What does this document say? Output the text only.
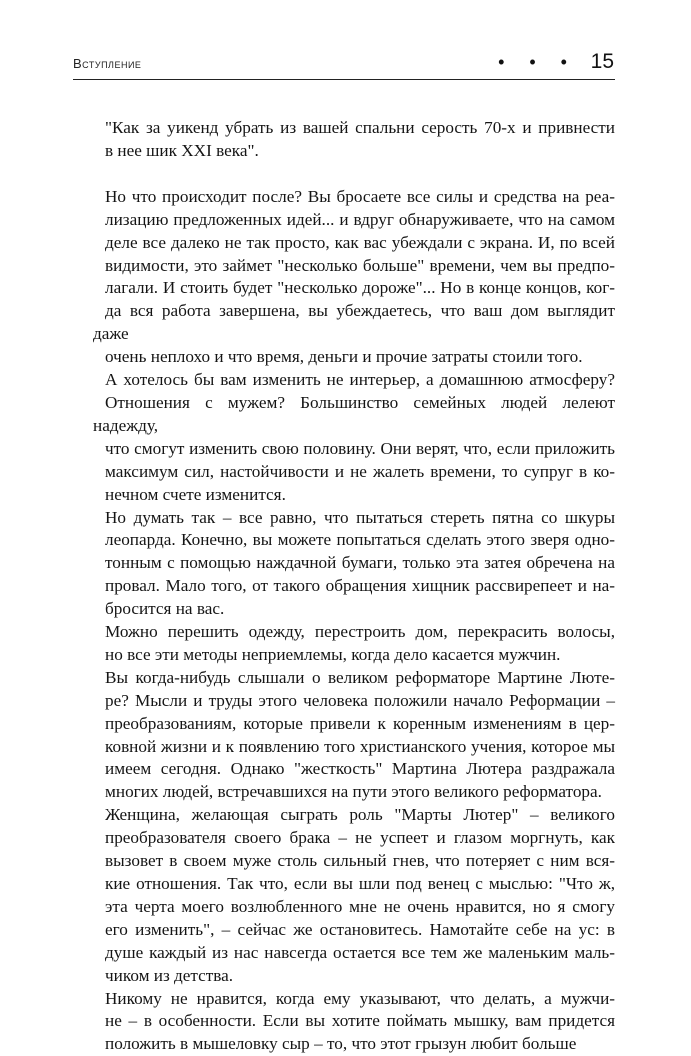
Вступление	• • • 15

"Как за уикенд убрать из вашей спальни серость 70-х и привнести
в нее шик XXI века".

Но что происходит после? Вы бросаете все силы и средства на реа-
лизацию предложенных идей... и вдруг обнаруживаете, что на самом
деле все далеко не так просто, как вас убеждали с экрана. И, по всей
видимости, это займет "несколько больше" времени, чем вы предпо-
лагали. И стоить будет "несколько дороже"... Но в конце концов, ког-
да вся работа завершена, вы убеждаетесь, что ваш дом выглядит даже
очень неплохо и что время, деньги и прочие затраты стоили того.

А хотелось бы вам изменить не интерьер, а домашнюю атмосферу?
Отношения с мужем? Большинство семейных людей лелеют надежду,
что смогут изменить свою половину. Они верят, что, если приложить
максимум сил, настойчивости и не жалеть времени, то супруг в ко-
нечном счете изменится.

Но думать так – все равно, что пытаться стереть пятна со шкуры
леопарда. Конечно, вы можете попытаться сделать этого зверя одно-
тонным с помощью наждачной бумаги, только эта затея обречена на
провал. Мало того, от такого обращения хищник рассвирепеет и на-
бросится на вас.

Можно перешить одежду, перестроить дом, перекрасить волосы,
но все эти методы неприемлемы, когда дело касается мужчин.

Вы когда-нибудь слышали о великом реформаторе Мартине Люте-
ре? Мысли и труды этого человека положили начало Реформации –
преобразованиям, которые привели к коренным изменениям в цер-
ковной жизни и к появлению того христианского учения, которое мы
имеем сегодня. Однако "жесткость" Мартина Лютера раздражала
многих людей, встречавшихся на пути этого великого реформатора.

Женщина, желающая сыграть роль "Марты Лютер" – великого
преобразователя своего брака – не успеет и глазом моргнуть, как
вызовет в своем муже столь сильный гнев, что потеряет с ним вся-
кие отношения. Так что, если вы шли под венец с мыслью: "Что ж,
эта черта моего возлюбленного мне не очень нравится, но я смогу
его изменить", – сейчас же остановитесь. Намотайте себе на ус: в
душе каждый из нас навсегда остается все тем же маленьким маль-
чиком из детства.

Никому не нравится, когда ему указывают, что делать, а мужчи-
не – в особенности. Если вы хотите поймать мышку, вам придется
положить в мышеловку сыр – то, что этот грызун любит больше
